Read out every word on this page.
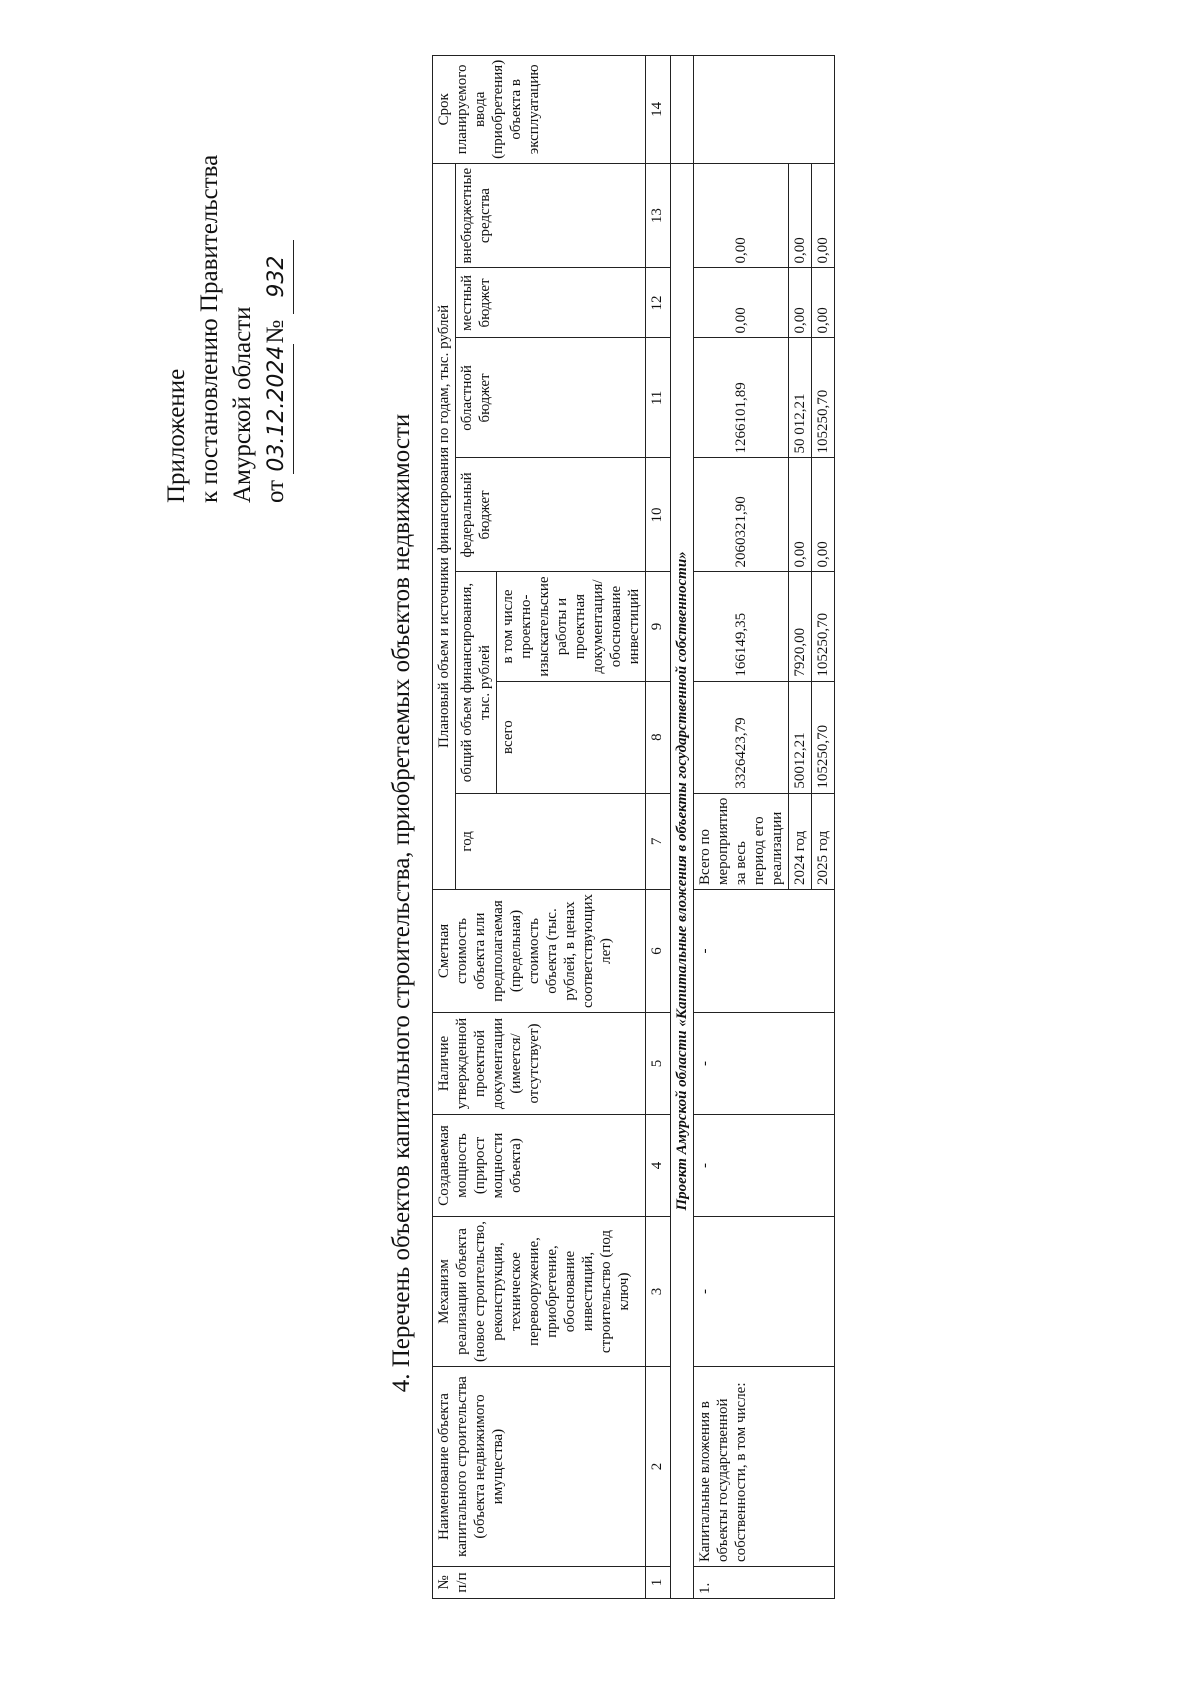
Приложение к постановлению Правительства Амурской области от 03.12.2024№ 932
4. Перечень объектов капитального строительства, приобретаемых объектов недвижимости
№ п/п	Наименование объекта капитального строительства (объекта недвижимого имущества)	Механизм реализации объекта (новое строительство, реконструкция, техническое перевооружение, приобретение, обоснование инвестиций, строительство (под ключ)	Создаваемая мощность (прирост мощности объекта)	Наличие утвержденной проектной документации (имеется/отсутствует)	Сметная стоимость объекта или предполагаемая (предельная) стоимость объекта (тыс. рублей, в ценах соответствующих лет)	Плановый объем и источники финансирования по годам, тыс. рублей							Срок планируемого ввода (приобретения) объекта в эксплуатацию
						год	общий объем финансирования, тыс. рублей		федеральный бюджет	областной бюджет	местный бюджет	внебюджетные средства	
							всего	в том числе проектно-изыскательские работы и проектная документация/обоснование инвестиций					
1	2	3	4	5	6	7	8	9	10	11	12	13	14
Проект Амурской области «Капитальные вложения в объекты государственной собственности»													
1.	Капитальные вложения в объекты государственной собственности, в том числе:	-	-	-	-	Всего по мероприятию за весь период его реализации	3326423,79	166149,35	2060321,90	1266101,89	0,00	0,00	
						2024 год	50012,21	7920,00	0,00	50 012,21	0,00	0,00	
						2025 год	105250,70	105250,70	0,00	105250,70	0,00	0,00	
